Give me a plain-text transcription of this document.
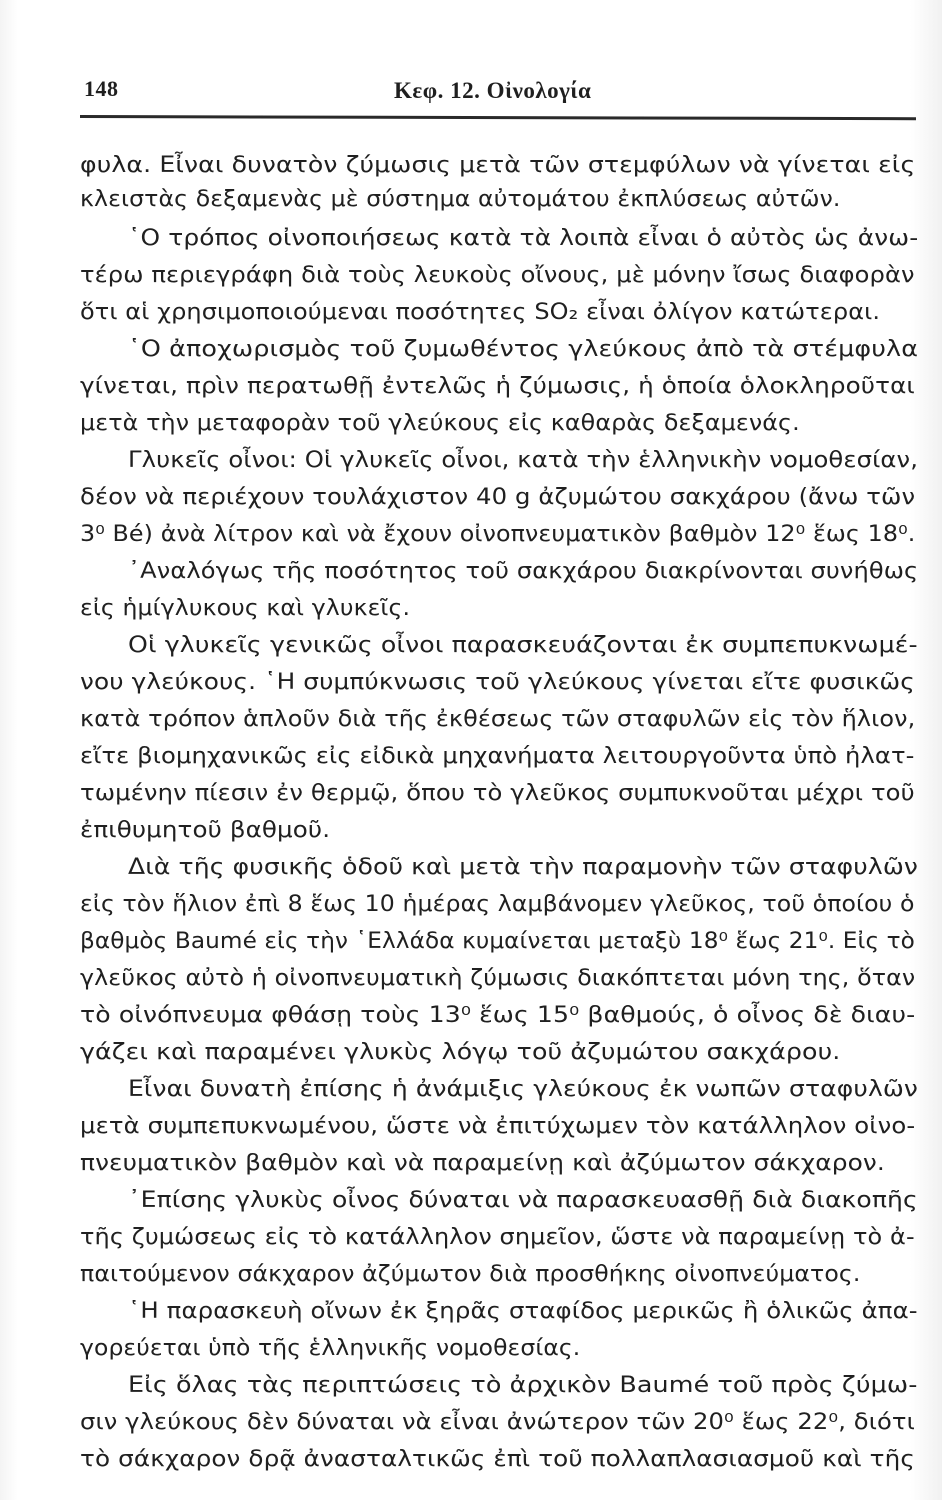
148	Κεφ. 12. Οἰνολογία

φυλα. Εἶναι δυνατὸν ζύμωσις μετὰ τῶν στεμφύλων νὰ γίνεται εἰς

κλειστὰς δεξαμενὰς μὲ σύστημα αὐτομάτου ἐκπλύσεως αὐτῶν.

῾Ο τρόπος οἰνοποιήσεως κατὰ τὰ λοιπὰ εἶναι ὁ αὐτὸς ὡς ἀνω-

τέρω περιεγράφη διὰ τοὺς λευκοὺς οἴνους, μὲ μόνην ἴσως διαφορὰν

ὅτι αἱ χρησιμοποιούμεναι ποσότητες SO₂ εἶναι ὀλίγον κατώτεραι.

῾Ο ἀποχωρισμὸς τοῦ ζυμωθέντος γλεύκους ἀπὸ τὰ στέμφυλα

γίνεται, πρὶν περατωθῇ ἐντελῶς ἡ ζύμωσις, ἡ ὁποία ὁλοκληροῦται

μετὰ τὴν μεταφορὰν τοῦ γλεύκους εἰς καθαρὰς δεξαμενάς.

Γλυκεῖς οἶνοι: Οἱ γλυκεῖς οἶνοι, κατὰ τὴν ἑλληνικὴν νομοθεσίαν,

δέον νὰ περιέχουν τουλάχιστον 40 g ἀζυμώτου σακχάρου (ἄνω τῶν

3⁰ Bé) ἀνὰ λίτρον καὶ νὰ ἔχουν οἰνοπνευματικὸν βαθμὸν 12⁰ ἕως 18⁰.

᾿Αναλόγως τῆς ποσότητος τοῦ σακχάρου διακρίνονται συνήθως

εἰς ἡμίγλυκους καὶ γλυκεῖς.

Οἱ γλυκεῖς γενικῶς οἶνοι παρασκευάζονται ἐκ συμπεπυκνωμέ-

νου γλεύκους. ῾Η συμπύκνωσις τοῦ γλεύκους γίνεται εἴτε φυσικῶς

κατὰ τρόπον ἁπλοῦν διὰ τῆς ἐκθέσεως τῶν σταφυλῶν εἰς τὸν ἥλιον,

εἴτε βιομηχανικῶς εἰς εἰδικὰ μηχανήματα λειτουργοῦντα ὑπὸ ἠλατ-

τωμένην πίεσιν ἐν θερμῷ, ὅπου τὸ γλεῦκος συμπυκνοῦται μέχρι τοῦ

ἐπιθυμητοῦ βαθμοῦ.

Διὰ τῆς φυσικῆς ὁδοῦ καὶ μετὰ τὴν παραμονὴν τῶν σταφυλῶν

εἰς τὸν ἥλιον ἐπὶ 8 ἕως 10 ἡμέρας λαμβάνομεν γλεῦκος, τοῦ ὁποίου ὁ

βαθμὸς Baumé εἰς τὴν ῾Ελλάδα κυμαίνεται μεταξὺ 18⁰ ἕως 21⁰. Εἰς τὸ

γλεῦκος αὐτὸ ἡ οἰνοπνευματικὴ ζύμωσις διακόπτεται μόνη της, ὅταν

τὸ οἰνόπνευμα φθάσῃ τοὺς 13⁰ ἕως 15⁰ βαθμούς, ὁ οἶνος δὲ διαυ-

γάζει καὶ παραμένει γλυκὺς λόγῳ τοῦ ἀζυμώτου σακχάρου.

Εἶναι δυνατὴ ἐπίσης ἡ ἀνάμιξις γλεύκους ἐκ νωπῶν σταφυλῶν

μετὰ συμπεπυκνωμένου, ὥστε νὰ ἐπιτύχωμεν τὸν κατάλληλον οἰνο-

πνευματικὸν βαθμὸν καὶ νὰ παραμείνῃ καὶ ἀζύμωτον σάκχαρον.

᾿Επίσης γλυκὺς οἶνος δύναται νὰ παρασκευασθῇ διὰ διακοπῆς

τῆς ζυμώσεως εἰς τὸ κατάλληλον σημεῖον, ὥστε νὰ παραμείνῃ τὸ ἀ-

παιτούμενον σάκχαρον ἀζύμωτον διὰ προσθήκης οἰνοπνεύματος.

῾Η παρασκευὴ οἴνων ἐκ ξηρᾶς σταφίδος μερικῶς ἢ ὁλικῶς ἀπα-

γορεύεται ὑπὸ τῆς ἑλληνικῆς νομοθεσίας.

Εἰς ὅλας τὰς περιπτώσεις τὸ ἀρχικὸν Baumé τοῦ πρὸς ζύμω-

σιν γλεύκους δὲν δύναται νὰ εἶναι ἀνώτερον τῶν 20⁰ ἕως 22⁰, διότι

τὸ σάκχαρον δρᾷ ἀνασταλτικῶς ἐπὶ τοῦ πολλαπλασιασμοῦ καὶ τῆς
